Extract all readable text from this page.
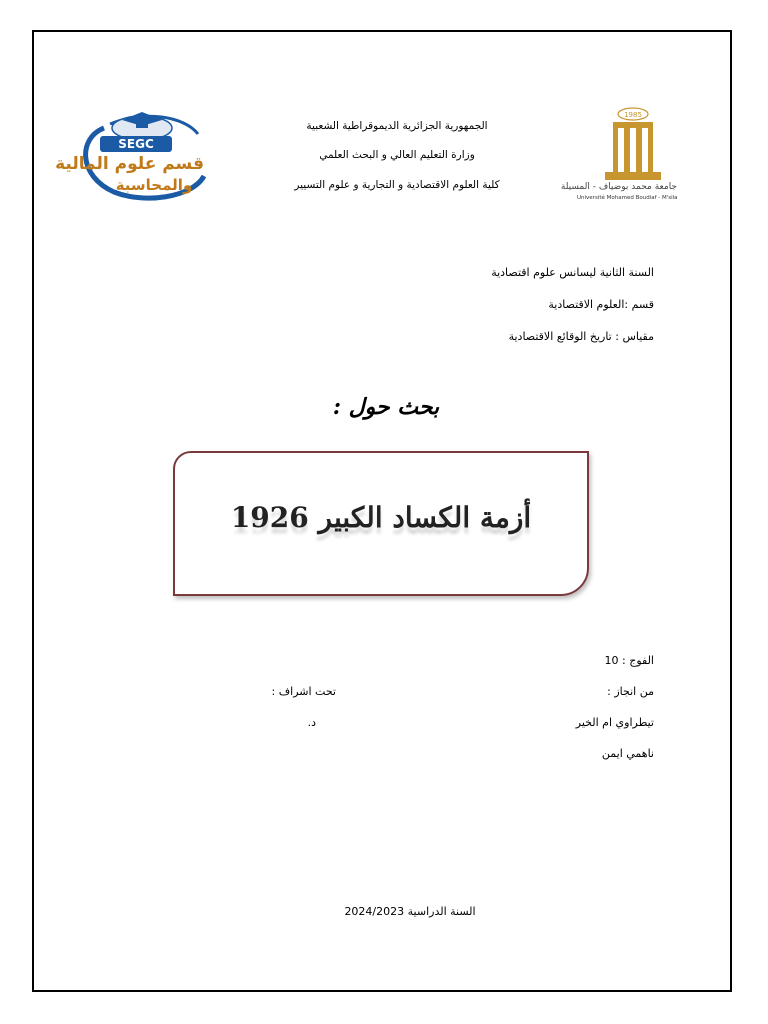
SEGC
قسم علوم المالية
والمحاسبة
الجمهورية الجزائرية الديموقراطية الشعبية
وزارة التعليم العالي و البحث العلمي
كلية العلوم الاقتصادية و التجارية و علوم التسيير
1985
جامعة محمد بوضياف - المسيلة
Université Mohamed Boudiaf - M'sila
السنة الثانية ليسانس علوم اقتصادية
قسم :العلوم الاقتصادية
مقياس : تاريخ الوقائع الاقتصادية
بحث حول :
أزمة الكساد الكبير 1926
الفوج : 10
من انجاز :
تحت اشراف :
تيطراوي ام الخير
د.
ناهمي ايمن
السنة الدراسية 2024/2023
